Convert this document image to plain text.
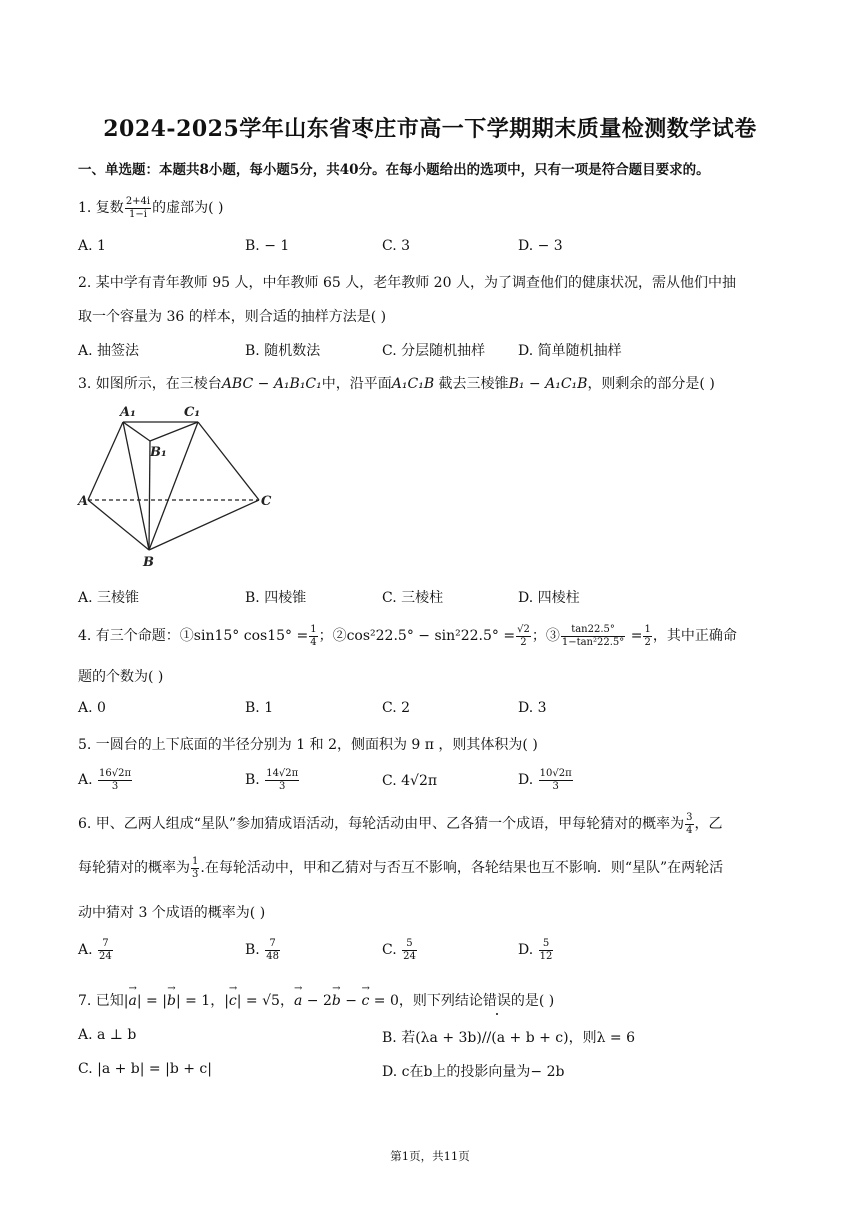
2024-2025学年山东省枣庄市高一下学期期末质量检测数学试卷
一、单选题：本题共8小题，每小题5分，共40分。在每小题给出的选项中，只有一项是符合题目要求的。
1. 复数 $\frac{2+4i}{1-i}$ 的虚部为( )
A. 1	B. − 1	C. 3	D. − 3
2. 某中学有青年教师 95 人，中年教师 65 人，老年教师 20 人，为了调查他们的健康状况，需从他们中抽
取一个容量为 36 的样本，则合适的抽样方法是( )
A. 抽签法	B. 随机数法	C. 分层随机抽样 D. 简单随机抽样
3. 如图所示，在三棱台ABC − A₁B₁C₁中，沿平面A₁C₁B 截去三棱锥B₁ − A₁C₁B，则剩余的部分是( )
A₁	C₁
B₁
A	C
B
A. 三棱锥	B. 四棱锥	C. 三棱柱	D. 四棱柱
4. 有三个命题：①sin15° $\cos 15^\circ = \frac{1}{4}$ ；②cos²22.5° − $\sin^222.5^\circ = \frac{√2}{2}$ ；③ $\frac{\tan 22.5^\circ}{\text{1−tan²22.5°}} = \frac{1}{2}$ ，其中正确命
题的个数为( )
A. 0	B. 1	C. 2	D. 3
5. 一圆台的上下底面的半径分别为 1 和 2，侧面积为 9 π ，则其体积为( )
A. $\frac{16√2\pi}{3}$	B. $\frac{14√2\pi}{3}$	C. 4√2π	D. $\frac{10√2\pi}{3}$
6. 甲、乙两人组成“星队”参加猜成语活动，每轮活动由甲、乙各猜一个成语，甲每轮猜对的概率为 $\frac{3}{4}$ ，乙
每轮猜对的概率为 $\frac{1}{3}$ .在每轮活动中，甲和乙猜对与否互不影响，各轮结果也互不影响．则“星队”在两轮活
动中猜对 3 个成语的概率为( )
A. $\frac{7}{24}$	B. $\frac{7}{48}$	C. $\frac{5}{24}$	D. $\frac{5}{12}$
7. 已知|→ a| = |→ b| = 1，|→ c| = √5，→ a − 2→ b − → c = 0，则下列结论错误的是( )
A. a ⊥ b	B. 若(λa + 3b)//(a + b + c)，则λ = 6
C. |a + b| = |b + c|	D. c在b上的投影向量为− 2b
第1页，共11页
